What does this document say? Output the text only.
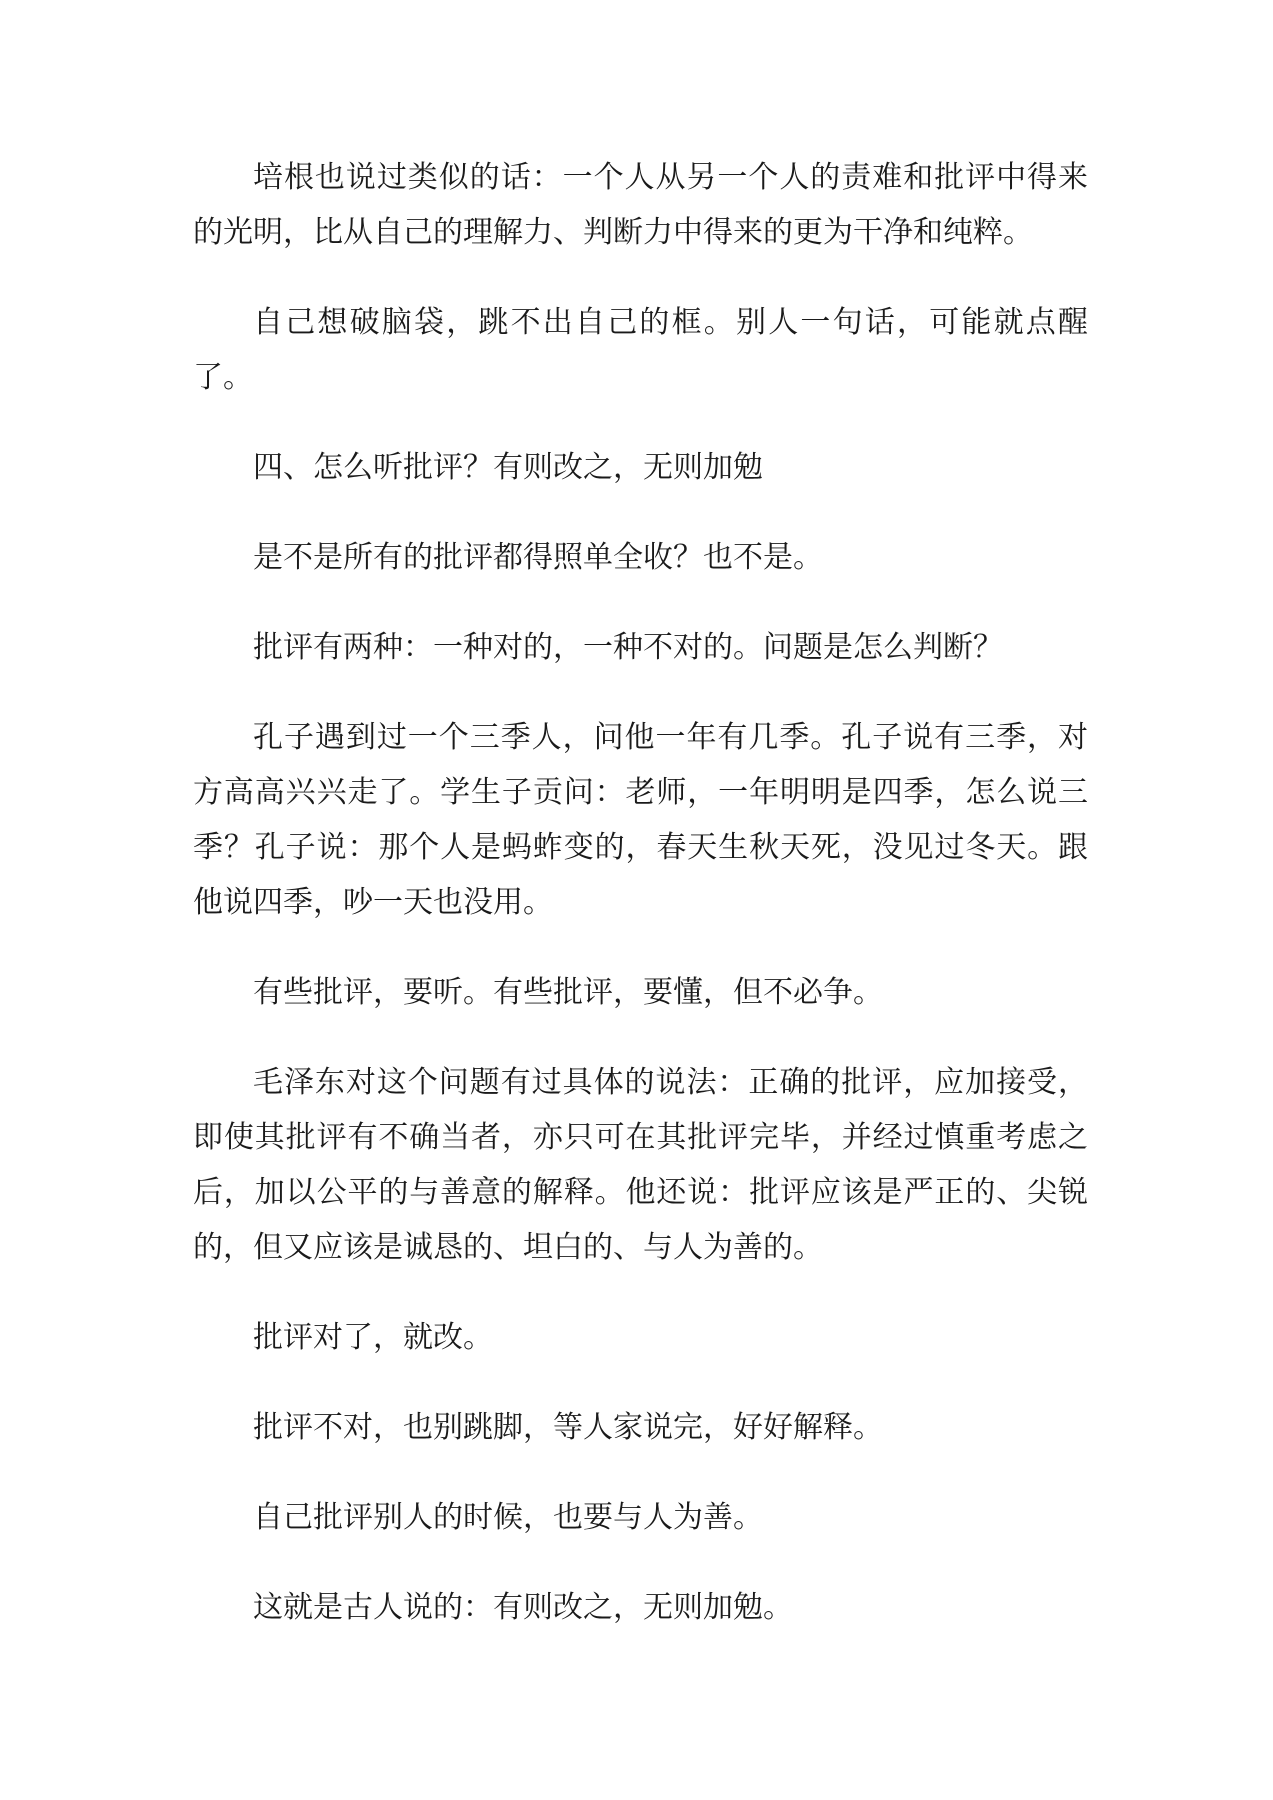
培根也说过类似的话：一个人从另一个人的责难和批评中得来的光明，比从自己的理解力、判断力中得来的更为干净和纯粹。

自己想破脑袋，跳不出自己的框。别人一句话，可能就点醒了。

四、怎么听批评？有则改之，无则加勉

是不是所有的批评都得照单全收？也不是。

批评有两种：一种对的，一种不对的。问题是怎么判断？

孔子遇到过一个三季人，问他一年有几季。孔子说有三季，对方高高兴兴走了。学生子贡问：老师，一年明明是四季，怎么说三季？孔子说：那个人是蚂蚱变的，春天生秋天死，没见过冬天。跟他说四季，吵一天也没用。

有些批评，要听。有些批评，要懂，但不必争。

毛泽东对这个问题有过具体的说法：正确的批评，应加接受，即使其批评有不确当者，亦只可在其批评完毕，并经过慎重考虑之后，加以公平的与善意的解释。他还说：批评应该是严正的、尖锐的，但又应该是诚恳的、坦白的、与人为善的。

批评对了，就改。

批评不对，也别跳脚，等人家说完，好好解释。

自己批评别人的时候，也要与人为善。

这就是古人说的：有则改之，无则加勉。
